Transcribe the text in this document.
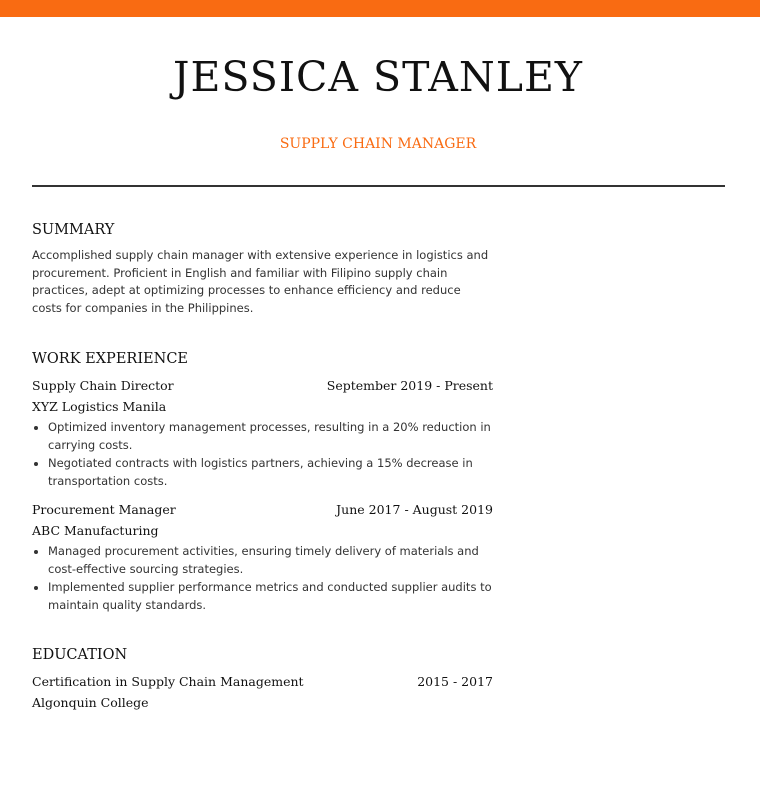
JESSICA STANLEY
SUPPLY CHAIN MANAGER
SUMMARY
Accomplished supply chain manager with extensive experience in logistics and procurement. Proficient in English and familiar with Filipino supply chain practices, adept at optimizing processes to enhance efficiency and reduce costs for companies in the Philippines.
WORK EXPERIENCE
Supply Chain Director	September 2019 - Present
XYZ Logistics Manila
• Optimized inventory management processes, resulting in a 20% reduction in carrying costs.
• Negotiated contracts with logistics partners, achieving a 15% decrease in transportation costs.
Procurement Manager	June 2017 - August 2019
ABC Manufacturing
• Managed procurement activities, ensuring timely delivery of materials and cost-effective sourcing strategies.
• Implemented supplier performance metrics and conducted supplier audits to maintain quality standards.
EDUCATION
Certification in Supply Chain Management	2015 - 2017
Algonquin College
